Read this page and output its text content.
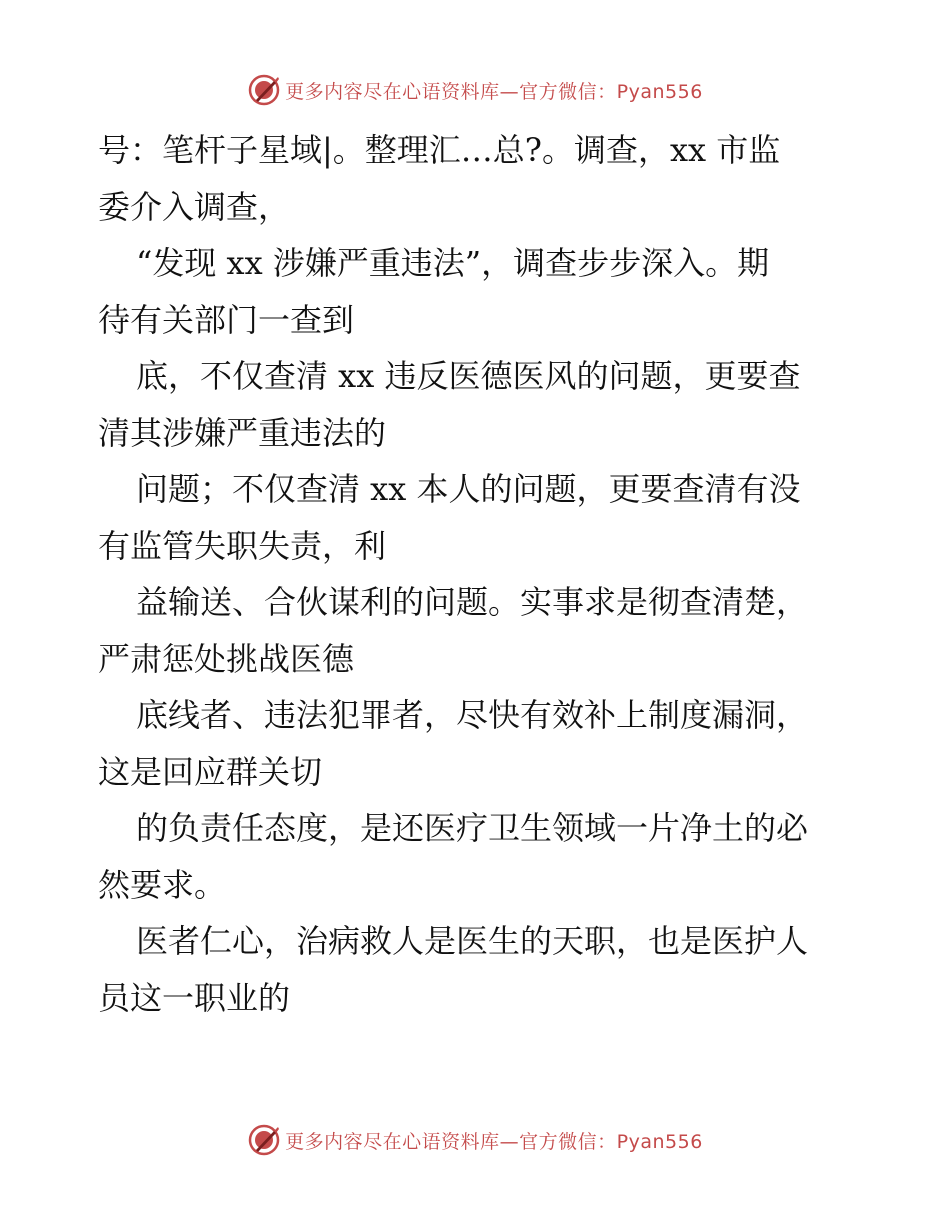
更多内容尽在心语资料库—官方微信：Pyan556
号：笔杆子星域|。整理汇…总?。调查，xx 市监
委介入调查，
“发现 xx 涉嫌严重违法”，调查步步深入。期
待有关部门一查到
底，不仅查清 xx 违反医德医风的问题，更要查
清其涉嫌严重违法的
问题；不仅查清 xx 本人的问题，更要查清有没
有监管失职失责，利
益输送、合伙谋利的问题。实事求是彻查清楚，
严肃惩处挑战医德
底线者、违法犯罪者，尽快有效补上制度漏洞，
这是回应群关切
的负责任态度，是还医疗卫生领域一片净土的必
然要求。
医者仁心，治病救人是医生的天职，也是医护人
员这一职业的
更多内容尽在心语资料库—官方微信：Pyan556
